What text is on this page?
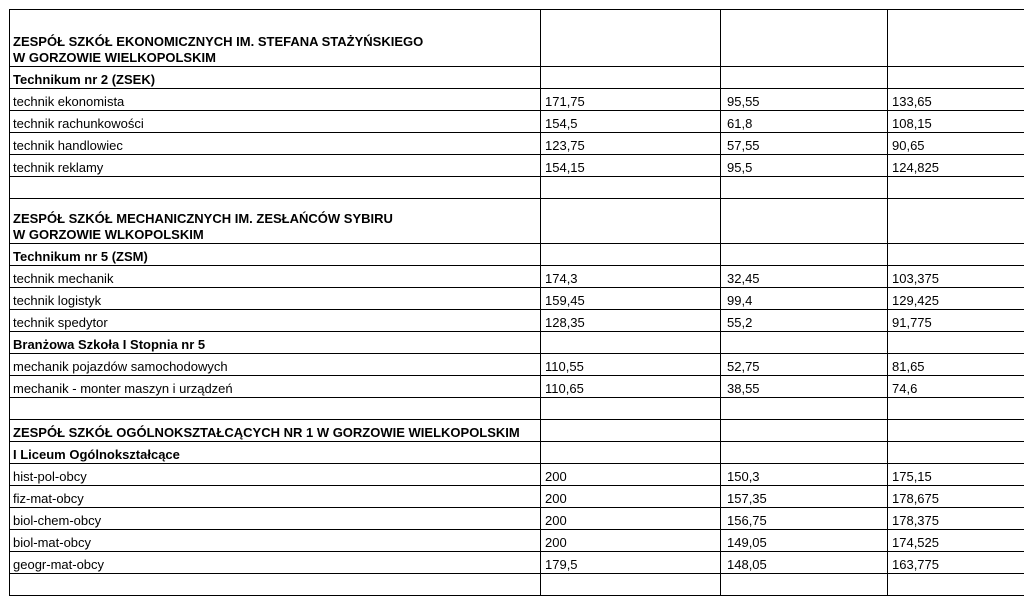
ZESPÓŁ SZKÓŁ EKONOMICZNYCH IM. STEFANA STAŻYŃSKIEGO
W GORZOWIE WIELKOPOLSKIM			

Technikum nr 2 (ZSEK)			
technik ekonomista	171,75	95,55	133,65
technik rachunkowości	154,5	61,8	108,15
technik handlowiec	123,75	57,55	90,65
technik reklamy	154,15	95,5	124,825

ZESPÓŁ SZKÓŁ MECHANICZNYCH IM. ZESŁAŃCÓW SYBIRU
W GORZOWIE WLKOPOLSKIM			

Technikum nr 5 (ZSM)			
technik mechanik	174,3	32,45	103,375
technik logistyk	159,45	99,4	129,425
technik spedytor	128,35	55,2	91,775
Branżowa Szkoła I Stopnia nr 5			
mechanik pojazdów samochodowych	110,55	52,75	81,65
mechanik - monter maszyn i urządzeń	110,65	38,55	74,6

ZESPÓŁ SZKÓŁ OGÓLNOKSZTAŁCĄCYCH NR 1 W GORZOWIE WIELKOPOLSKIM			

I Liceum Ogólnokształcące			
hist-pol-obcy	200	150,3	175,15
fiz-mat-obcy	200	157,35	178,675
biol-chem-obcy	200	156,75	178,375
biol-mat-obcy	200	149,05	174,525
geogr-mat-obcy	179,5	148,05	163,775
